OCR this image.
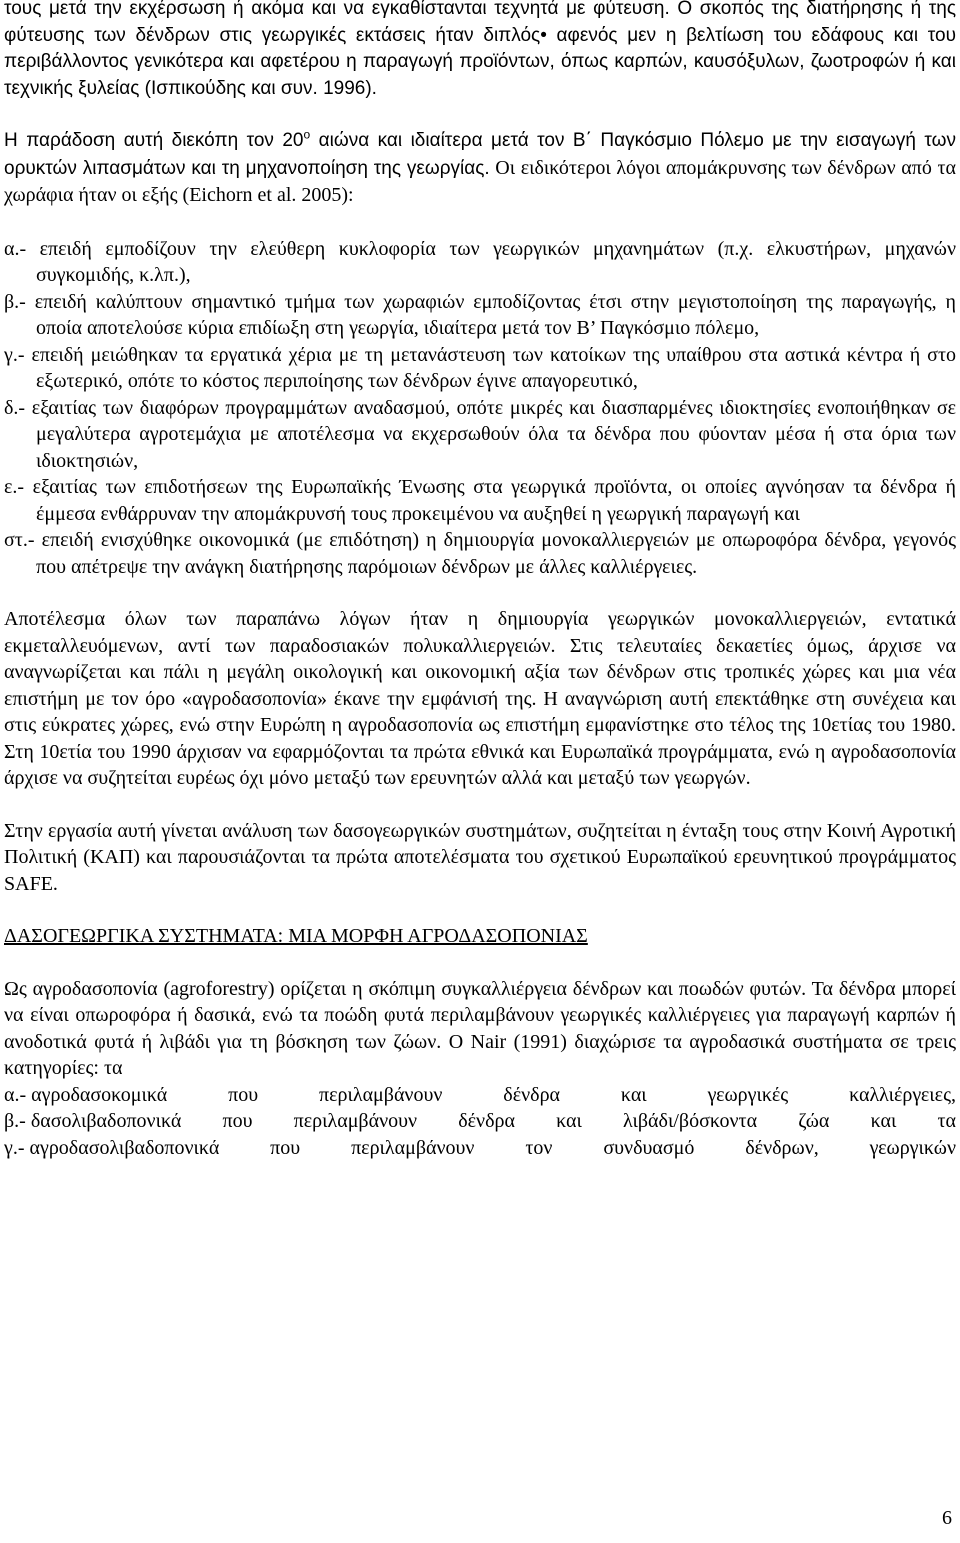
τους μετά την εκχέρσωση ή ακόμα και να εγκαθίστανται τεχνητά με φύτευση. Ο σκοπός της διατήρησης ή της φύτευσης των δένδρων στις γεωργικές εκτάσεις ήταν διπλός• αφενός μεν η βελτίωση του εδάφους και του περιβάλλοντος γενικότερα και αφετέρου η παραγωγή προϊόντων, όπως καρπών, καυσόξυλων, ζωοτροφών ή και τεχνικής ξυλείας (Ισπικούδης και συν. 1996).

Η παράδοση αυτή διεκόπη τον $20^o$ αιώνα και ιδιαίτερα μετά τον Β΄ Παγκόσμιο Πόλεμο με την εισαγωγή των ορυκτών λιπασμάτων και τη μηχανοποίηση της γεωργίας. Οι ειδικότεροι λόγοι απομάκρυνσης των δένδρων από τα χωράφια ήταν οι εξής (Eichorn et al. 2005):

α.- επειδή εμποδίζουν την ελεύθερη κυκλοφορία των γεωργικών μηχανημάτων (π.χ. ελκυστήρων, μηχανών συγκομιδής, κ.λπ.),
β.- επειδή καλύπτουν σημαντικό τμήμα των χωραφιών εμποδίζοντας έτσι στην μεγιστοποίηση της παραγωγής, η οποία αποτελούσε κύρια επιδίωξη στη γεωργία, ιδιαίτερα μετά τον Β’ Παγκόσμιο πόλεμο,
γ.- επειδή μειώθηκαν τα εργατικά χέρια με τη μετανάστευση των κατοίκων της υπαίθρου στα αστικά κέντρα ή στο εξωτερικό, οπότε το κόστος περιποίησης των δένδρων έγινε απαγορευτικό,
δ.- εξαιτίας των διαφόρων προγραμμάτων αναδασμού, οπότε μικρές και διασπαρμένες ιδιοκτησίες ενοποιήθηκαν σε μεγαλύτερα αγροτεμάχια με αποτέλεσμα να εκχερσωθούν όλα τα δένδρα που φύονταν μέσα ή στα όρια των ιδιοκτησιών,
ε.- εξαιτίας των επιδοτήσεων της Ευρωπαϊκής Ένωσης στα γεωργικά προϊόντα, οι οποίες αγνόησαν τα δένδρα ή έμμεσα ενθάρρυναν την απομάκρυνσή τους προκειμένου να αυξηθεί η γεωργική παραγωγή και
στ.- επειδή ενισχύθηκε οικονομικά (με επιδότηση) η δημιουργία μονοκαλλιεργειών με οπωροφόρα δένδρα, γεγονός που απέτρεψε την ανάγκη διατήρησης παρόμοιων δένδρων με άλλες καλλιέργειες.

Αποτέλεσμα όλων των παραπάνω λόγων ήταν η δημιουργία γεωργικών μονοκαλλιεργειών, εντατικά εκμεταλλευόμενων, αντί των παραδοσιακών πολυκαλλιεργειών. Στις τελευταίες δεκαετίες όμως, άρχισε να αναγνωρίζεται και πάλι η μεγάλη οικολογική και οικονομική αξία των δένδρων στις τροπικές χώρες και μια νέα επιστήμη με τον όρο «αγροδασοπονία» έκανε την εμφάνισή της. Η αναγνώριση αυτή επεκτάθηκε στη συνέχεια και στις εύκρατες χώρες, ενώ στην Ευρώπη η αγροδασοπονία ως επιστήμη εμφανίστηκε στο τέλος της 10ετίας του 1980. Στη 10ετία του 1990 άρχισαν να εφαρμόζονται τα πρώτα εθνικά και Ευρωπαϊκά προγράμματα, ενώ η αγροδασοπονία άρχισε να συζητείται ευρέως όχι μόνο μεταξύ των ερευνητών αλλά και μεταξύ των γεωργών.

Στην εργασία αυτή γίνεται ανάλυση των δασογεωργικών συστημάτων, συζητείται η ένταξη τους στην Κοινή Αγροτική Πολιτική (ΚΑΠ) και παρουσιάζονται τα πρώτα αποτελέσματα του σχετικού Ευρωπαϊκού ερευνητικού προγράμματος SAFE.

ΔΑΣΟΓΕΩΡΓΙΚΑ ΣΥΣΤΗΜΑΤΑ: ΜΙΑ ΜΟΡΦΗ ΑΓΡΟΔΑΣΟΠΟΝΙΑΣ

Ως αγροδασοπονία (agroforestry) ορίζεται η σκόπιμη συγκαλλιέργεια δένδρων και ποωδών φυτών. Τα δένδρα μπορεί να είναι οπωροφόρα ή δασικά, ενώ τα ποώδη φυτά περιλαμβάνουν γεωργικές καλλιέργειες για παραγωγή καρπών ή ανοδοτικά φυτά ή λιβάδι για τη βόσκηση των ζώων. Ο Nair (1991) διαχώρισε τα αγροδασικά συστήματα σε τρεις κατηγορίες: τα

α.- αγροδασοκομικά που περιλαμβάνουν δένδρα και γεωργικές καλλιέργειες,
β.- δασολιβαδοπονικά που περιλαμβάνουν δένδρα και λιβάδι/βόσκοντα ζώα και τα
γ.- αγροδασολιβαδοπονικά που περιλαμβάνουν τον συνδυασμό δένδρων, γεωργικών
6
